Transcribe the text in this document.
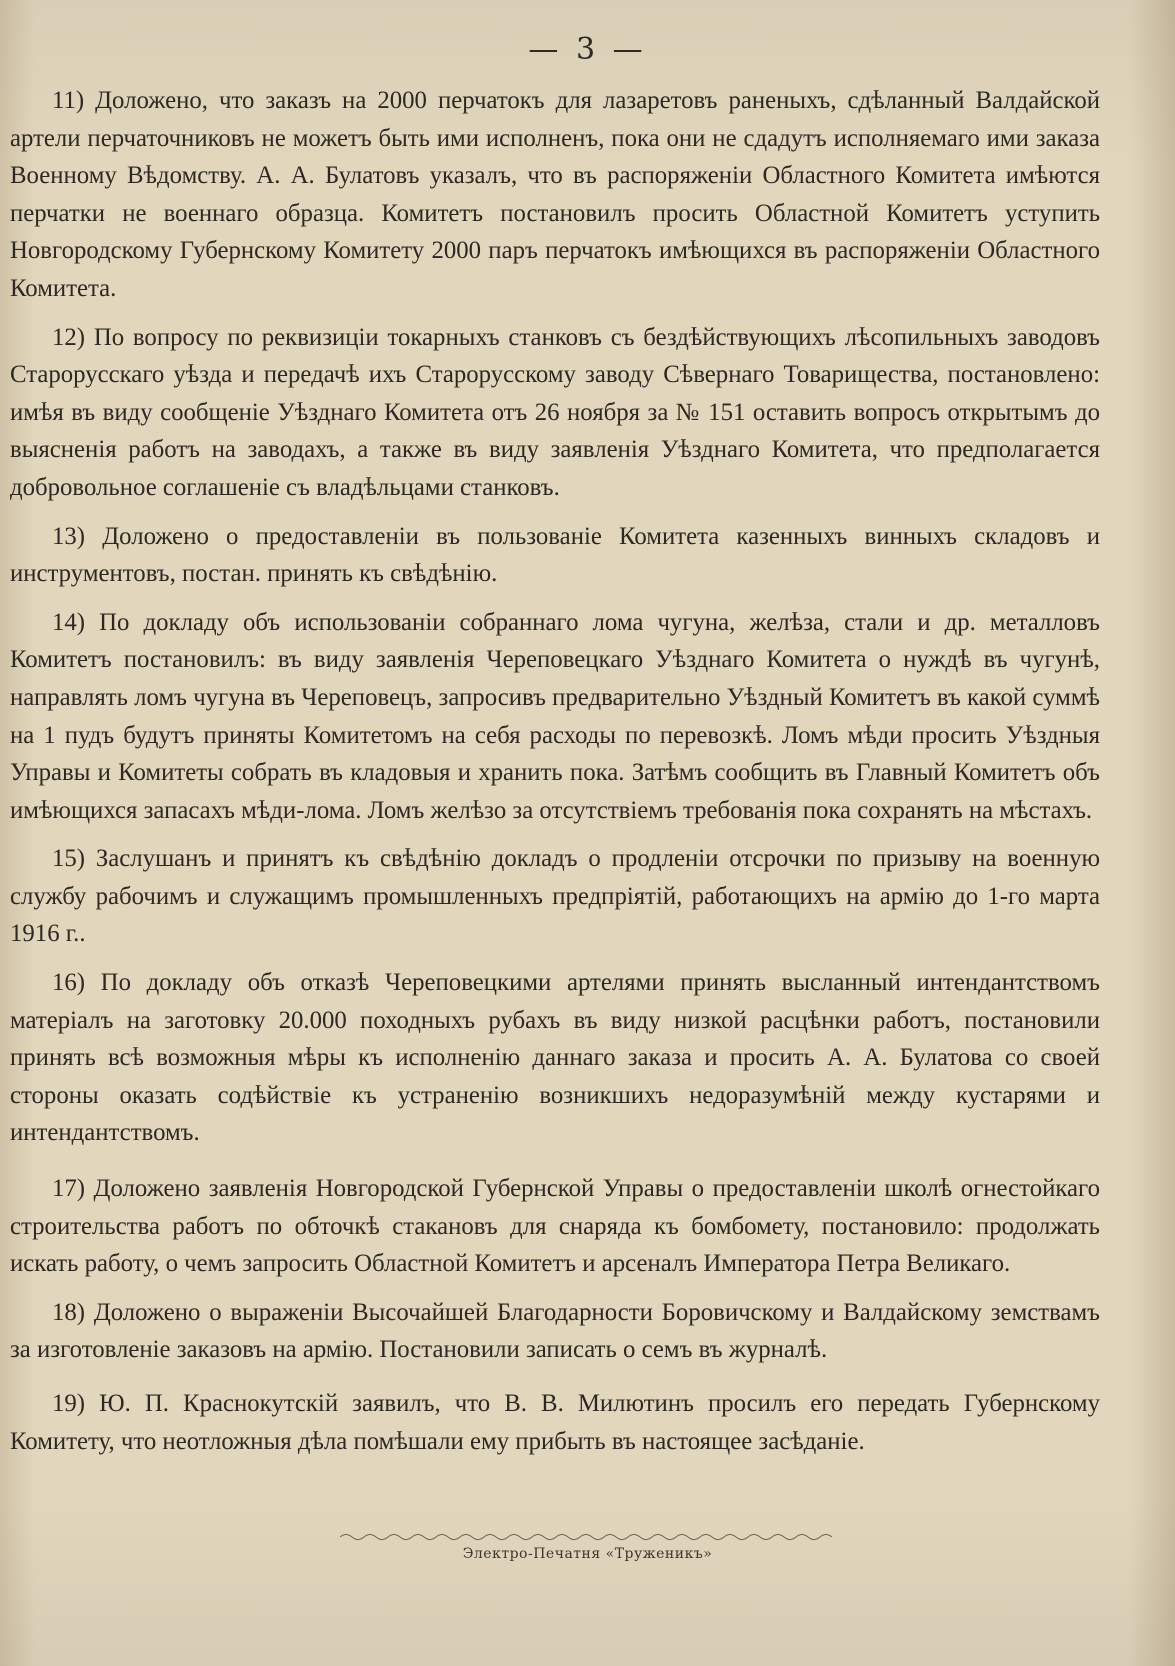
— 3 —

11) Доложено, что заказъ на 2000 перчатокъ для лазаретовъ раненыхъ, сдѣланный Валдайской артели перчаточниковъ не можетъ быть ими исполненъ, пока они не сдадутъ исполняемаго ими заказа Военному Вѣдомству. А. А. Булатовъ указалъ, что въ распоряженіи Областного Комитета имѣются перчатки не военнаго образца. Комитетъ постановилъ просить Областной Комитетъ уступить Новгородскому Губернскому Комитету 2000 паръ перчатокъ имѣющихся въ распоряженіи Областного Комитета.

12) По вопросу по реквизиціи токарныхъ станковъ съ бездѣйствующихъ лѣсопильныхъ заводовъ Старорусскаго уѣзда и передачѣ ихъ Старорусскому заводу Сѣвернаго Товарищества, постановлено: имѣя въ виду сообщеніе Уѣзднаго Комитета отъ 26 ноября за № 151 оставить вопросъ открытымъ до выясненія работъ на заводахъ, а также въ виду заявленія Уѣзднаго Комитета, что предполагается добровольное соглашеніе съ владѣльцами станковъ.

13) Доложено о предоставленіи въ пользованіе Комитета казенныхъ винныхъ складовъ и инструментовъ, постан. принять къ свѣдѣнію.

14) По докладу объ использованіи собраннаго лома чугуна, желѣза, стали и др. металловъ Комитетъ постановилъ: въ виду заявленія Череповецкаго Уѣзднаго Комитета о нуждѣ въ чугунѣ, направлять ломъ чугуна въ Череповецъ, запросивъ предварительно Уѣздный Комитетъ въ какой суммѣ на 1 пудъ будутъ приняты Комитетомъ на себя расходы по перевозкѣ. Ломъ мѣди просить Уѣздныя Управы и Комитеты собрать въ кладовыя и хранить пока. Затѣмъ сообщить въ Главный Комитетъ объ имѣющихся запасахъ мѣди-лома. Ломъ желѣзо за отсутствіемъ требованія пока сохранять на мѣстахъ.

15) Заслушанъ и принятъ къ свѣдѣнію докладъ о продленіи отсрочки по призыву на военную службу рабочимъ и служащимъ промышленныхъ предпріятій, работающихъ на армію до 1-го марта 1916 г..

16) По докладу объ отказѣ Череповецкими артелями принять высланный интендантствомъ матеріалъ на заготовку 20.000 походныхъ рубахъ въ виду низкой расцѣнки работъ, постановили принять всѣ возможныя мѣры къ исполненію даннаго заказа и просить А. А. Булатова со своей стороны оказать содѣйствіе къ устраненію возникшихъ недоразумѣній между кустарями и интендантствомъ.

17) Доложено заявленія Новгородской Губернской Управы о предоставленіи школѣ огнестойкаго строительства работъ по обточкѣ стакановъ для снаряда къ бомбомету, постановило: продолжать искать работу, о чемъ запросить Областной Комитетъ и арсеналъ Императора Петра Великаго.

18) Доложено о выраженіи Высочайшей Благодарности Боровичскому и Валдайскому земствамъ за изготовленіе заказовъ на армію. Постановили записать о семъ въ журналѣ.

19) Ю. П. Краснокутскій заявилъ, что В. В. Милютинъ просилъ его передать Губернскому Комитету, что неотложныя дѣла помѣшали ему прибыть въ настоящее засѣданіе.

Электро-Печатня «Труженикъ»
